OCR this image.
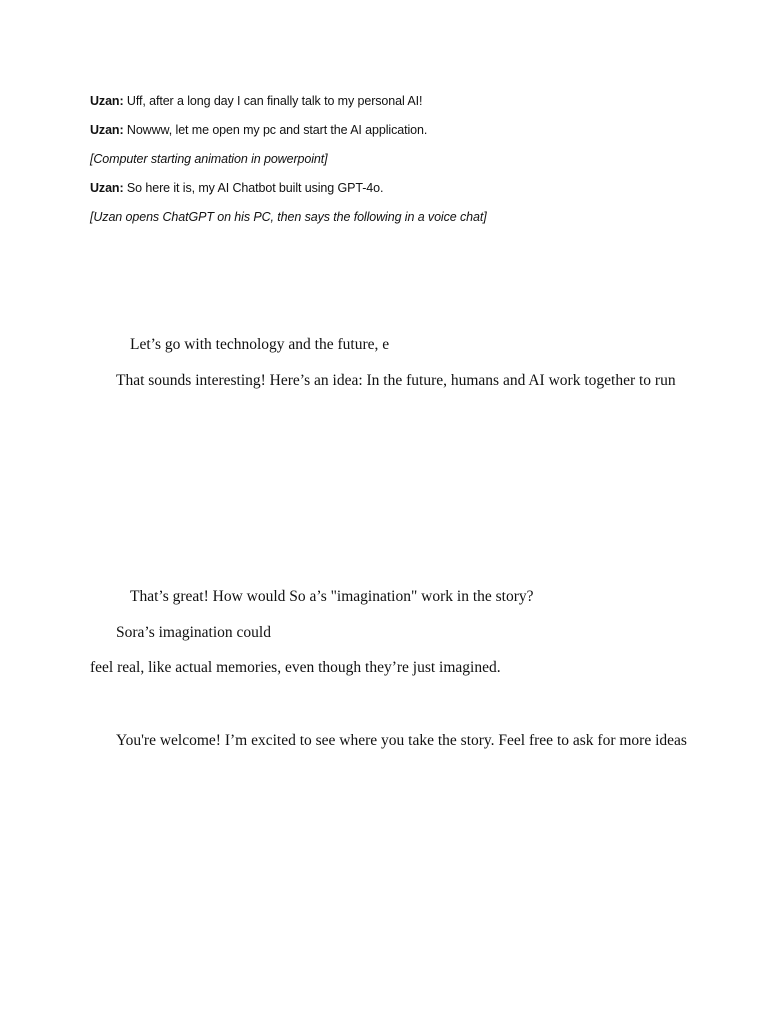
Uzan: Uff, after a long day I can finally talk to my personal AI!

Uzan: Nowww, let me open my pc and start the AI application.

[Computer starting animation in powerpoint]

Uzan: So here it is, my AI Chatbot built using GPT-4o.

[Uzan opens ChatGPT on his PC, then says the following in a voice chat]

Let’s go with technology and the future, e

That sounds interesting! Here’s an idea: In the future, humans and AI work together to run

That’s great! How would So a’s "imagination" work in the story?

Sora’s imagination could

feel real, like actual memories, even though they’re just imagined.

You're welcome! I’m excited to see where you take the story. Feel free to ask for more ideas
